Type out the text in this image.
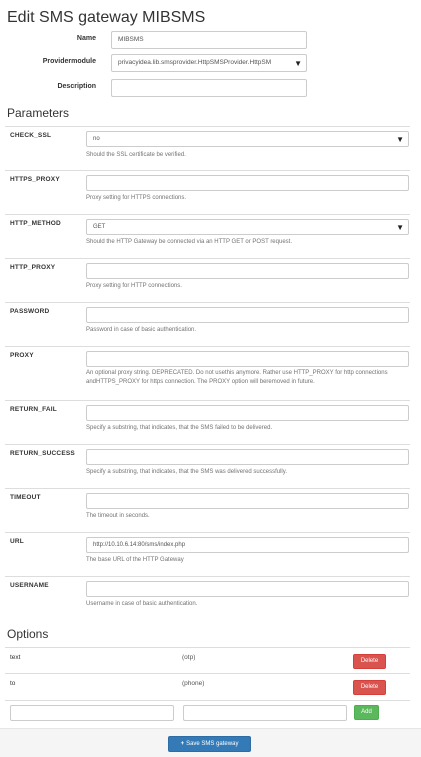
Edit SMS gateway MIBSMS
Name	MIBSMS
Providermodule	privacyidea.lib.smsprovider.HttpSMSProvider.HttpSM	▼
Description
Parameters
CHECK_SSL	no	▼
Should the SSL certificate be verified.
HTTPS_PROXY
Proxy setting for HTTPS connections.
HTTP_METHOD	GET	▼
Should the HTTP Gateway be connected via an HTTP GET or POST request.
HTTP_PROXY
Proxy setting for HTTP connections.
PASSWORD
Password in case of basic authentication.
PROXY
An optional proxy string. DEPRECATED. Do not usethis anymore. Rather use HTTP_PROXY for http connections andHTTPS_PROXY for https connection. The PROXY option will beremoved in future.
RETURN_FAIL
Specify a substring, that indicates, that the SMS failed to be delivered.
RETURN_SUCCESS
Specify a substring, that indicates, that the SMS was delivered successfully.
TIMEOUT
The timeout in seconds.
URL	http://10.10.6.14:80/sms/index.php
The base URL of the HTTP Gateway
USERNAME
Username in case of basic authentication.
Options
text	(otp)	Delete
to	(phone)	Delete
Add
+ Save SMS gateway
